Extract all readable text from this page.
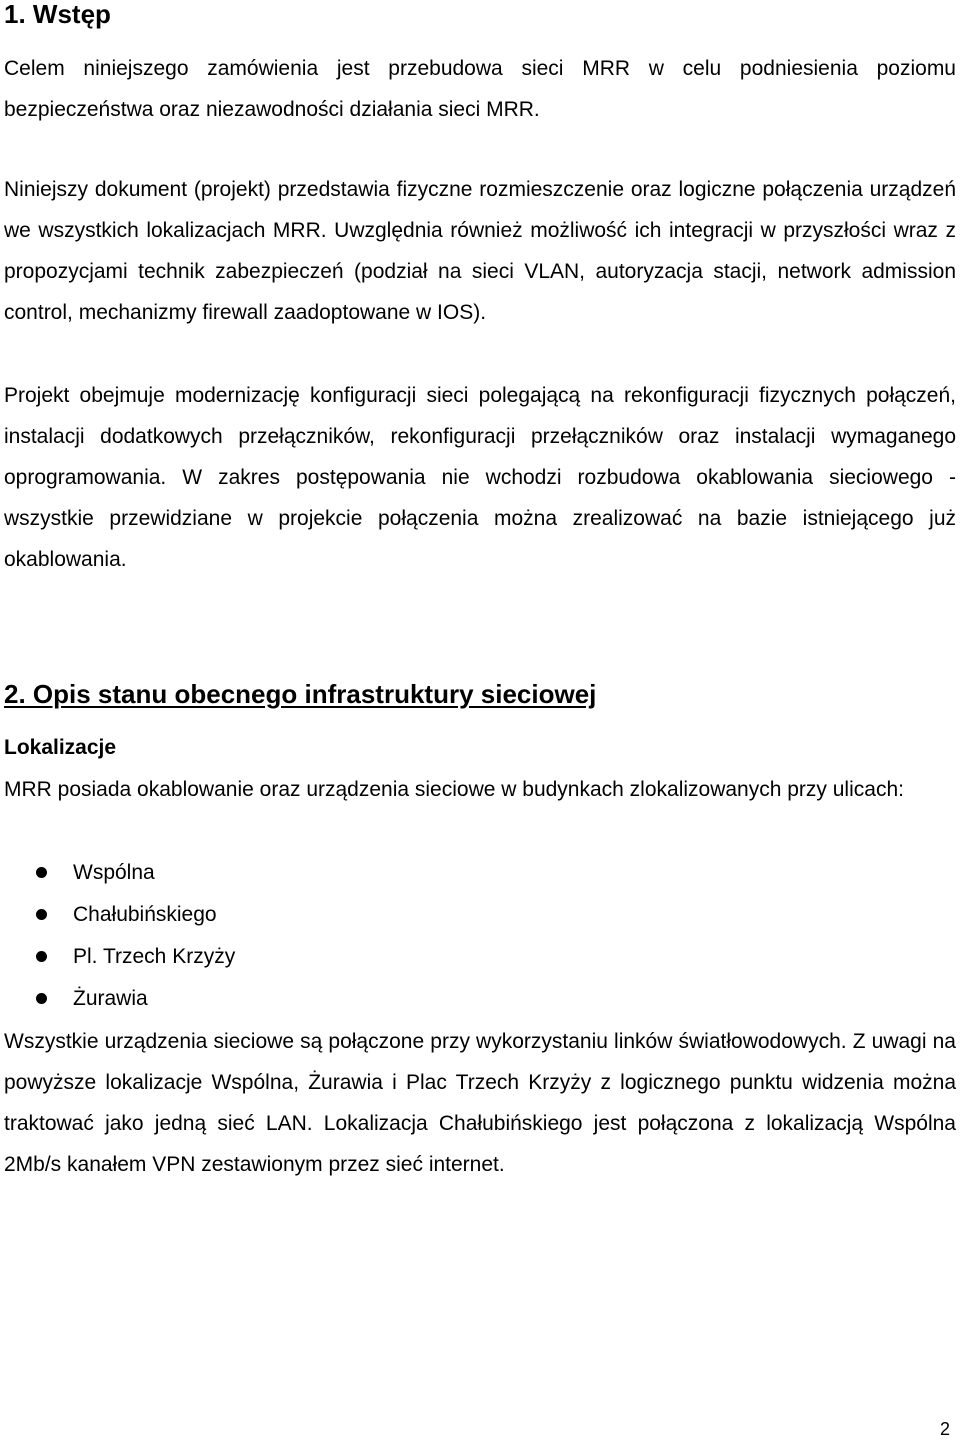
1. Wstęp

Celem niniejszego zamówienia jest przebudowa sieci MRR w celu podniesienia poziomu bezpieczeństwa oraz niezawodności działania sieci MRR.

Niniejszy dokument (projekt) przedstawia fizyczne rozmieszczenie oraz logiczne połączenia urządzeń we wszystkich lokalizacjach MRR. Uwzględnia również możliwość ich integracji w przyszłości wraz z propozycjami technik zabezpieczeń (podział na sieci VLAN, autoryzacja stacji, network admission control, mechanizmy firewall zaadoptowane w IOS).

Projekt obejmuje modernizację konfiguracji sieci polegającą na rekonfiguracji fizycznych połączeń, instalacji dodatkowych przełączników, rekonfiguracji przełączników oraz instalacji wymaganego oprogramowania. W zakres postępowania nie wchodzi rozbudowa okablowania sieciowego - wszystkie przewidziane w projekcie połączenia można zrealizować na bazie istniejącego już okablowania.

2. Opis stanu obecnego infrastruktury sieciowej
Lokalizacje

MRR posiada okablowanie oraz urządzenia sieciowe w budynkach zlokalizowanych przy ulicach:

Wspólna
Chałubińskiego
Pl. Trzech Krzyży
Żurawia

Wszystkie urządzenia sieciowe są połączone przy wykorzystaniu linków światłowodowych. Z uwagi na powyższe lokalizacje Wspólna, Żurawia i Plac Trzech Krzyży z logicznego punktu widzenia można traktować jako jedną sieć LAN. Lokalizacja Chałubińskiego jest połączona z lokalizacją Wspólna 2Mb/s kanałem VPN zestawionym przez sieć internet.

2
